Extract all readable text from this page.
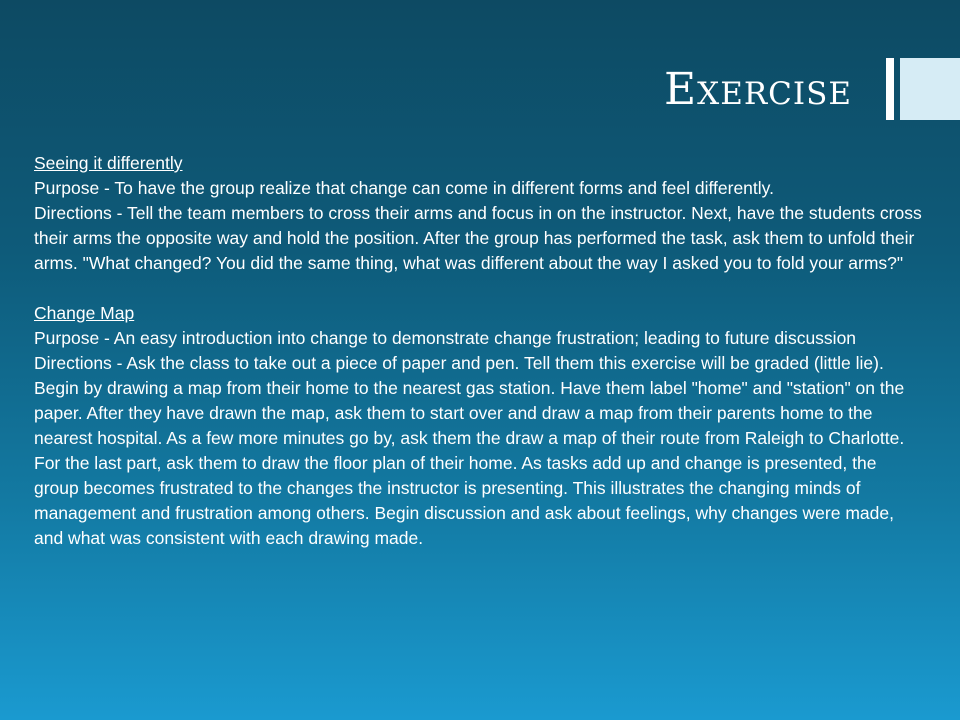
Exercise

Seeing it differently

Purpose - To have the group realize that change can come in different forms and feel differently.

Directions - Tell the team members to cross their arms and focus in on the instructor. Next, have the students cross their arms the opposite way and hold the position. After the group has performed the task, ask them to unfold their arms. "What changed? You did the same thing, what was different about the way I asked you to fold your arms?"

Change Map

Purpose - An easy introduction into change to demonstrate change frustration; leading to future discussion

Directions - Ask the class to take out a piece of paper and pen. Tell them this exercise will be graded (little lie). Begin by drawing a map from their home to the nearest gas station. Have them label "home" and "station" on the paper. After they have drawn the map, ask them to start over and draw a map from their parents home to the nearest hospital. As a few more minutes go by, ask them the draw a map of their route from Raleigh to Charlotte. For the last part, ask them to draw the floor plan of their home. As tasks add up and change is presented, the group becomes frustrated to the changes the instructor is presenting. This illustrates the changing minds of management and frustration among others. Begin discussion and ask about feelings, why changes were made, and what was consistent with each drawing made.
